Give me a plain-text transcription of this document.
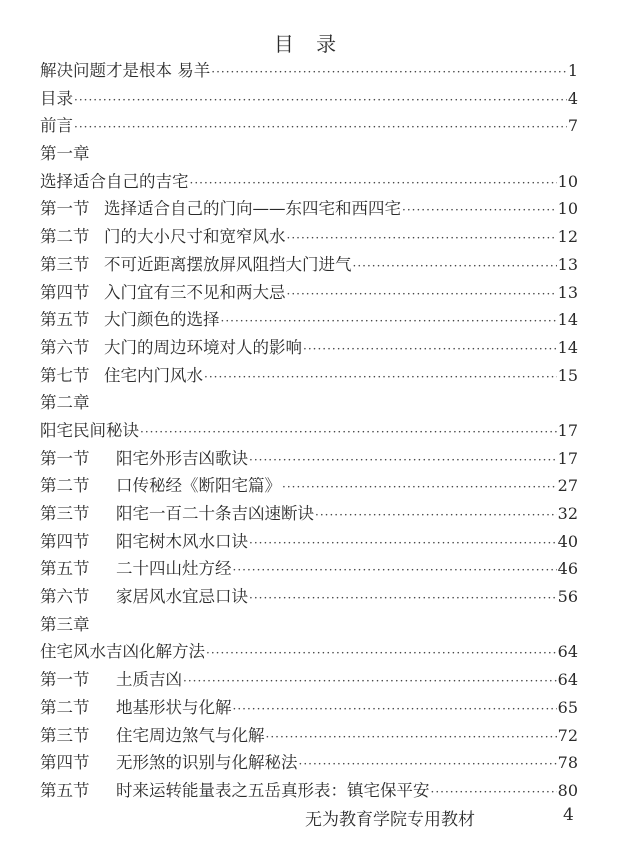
目 录
解决问题才是根本 易羊 ·····	1
目录 ·····	4
前言 ·····	7
第一章
选择适合自己的吉宅 ·····	10
第一节 选择适合自己的门向——东四宅和西四宅 ·····	10
第二节 门的大小尺寸和宽窄风水 ·····	12
第三节 不可近距离摆放屏风阻挡大门进气 ·····	13
第四节 入门宜有三不见和两大忌 ·····	13
第五节 大门颜色的选择 ·····	14
第六节 大门的周边环境对人的影响 ·····	14
第七节 住宅内门风水 ·····	15
第二章
阳宅民间秘诀 ·····	17
第一节 阳宅外形吉凶歌诀 ·····	17
第二节 口传秘经《断阳宅篇》 ·····	27
第三节 阳宅一百二十条吉凶速断诀 ·····	32
第四节 阳宅树木风水口诀 ·····	40
第五节 二十四山灶方经 ·····	46
第六节 家居风水宜忌口诀 ·····	56
第三章
住宅风水吉凶化解方法 ·····	64
第一节 土质吉凶 ·····	64
第二节 地基形状与化解 ·····	65
第三节 住宅周边煞气与化解 ·····	72
第四节 无形煞的识别与化解秘法 ·····	78
第五节 时来运转能量表之五岳真形表：镇宅保平安 ·····	80
无为教育学院专用教材	4
